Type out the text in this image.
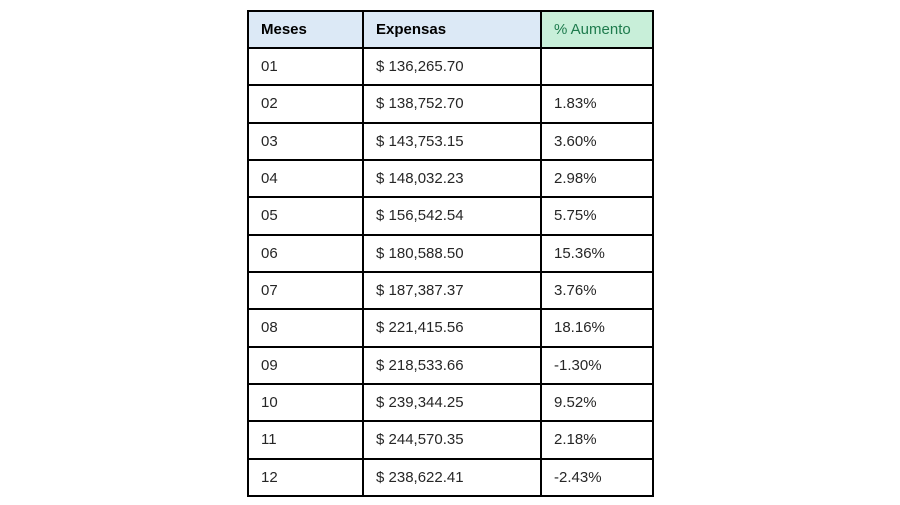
Meses	Expensas	% Aumento
01	$ 136,265.70	
02	$ 138,752.70	1.83%
03	$ 143,753.15	3.60%
04	$ 148,032.23	2.98%
05	$ 156,542.54	5.75%
06	$ 180,588.50	15.36%
07	$ 187,387.37	3.76%
08	$ 221,415.56	18.16%
09	$ 218,533.66	-1.30%
10	$ 239,344.25	9.52%
11	$ 244,570.35	2.18%
12	$ 238,622.41	-2.43%
